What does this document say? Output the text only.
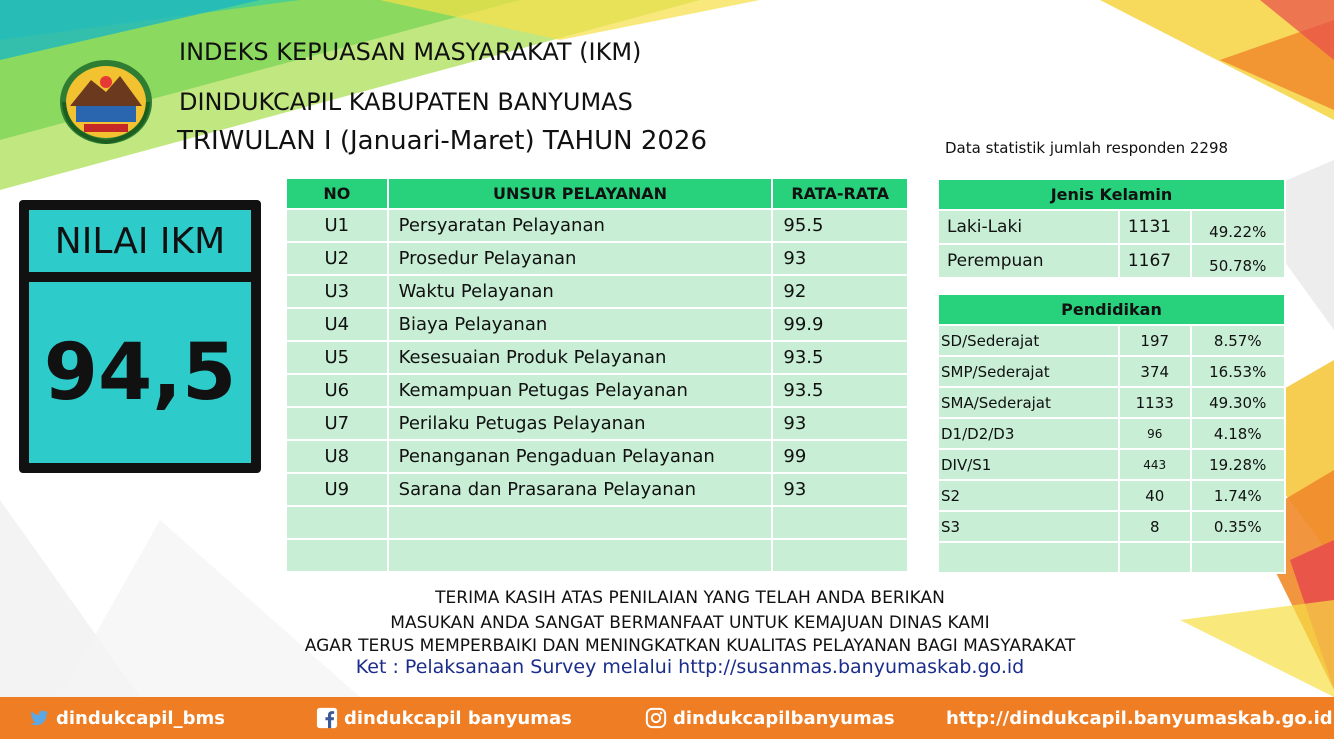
INDEKS KEPUASAN MASYARAKAT (IKM)
DINDUKCAPIL KABUPATEN BANYUMAS
TRIWULAN I (Januari-Maret) TAHUN 2026	Data statistik jumlah responden 2298
NILAI IKM
94,5
NO	UNSUR PELAYANAN	RATA-RATA
U1	Persyaratan Pelayanan	95.5
U2	Prosedur Pelayanan	93
U3	Waktu Pelayanan	92
U4	Biaya Pelayanan	99.9
U5	Kesesuaian Produk Pelayanan	93.5
U6	Kemampuan Petugas Pelayanan	93.5
U7	Perilaku Petugas Pelayanan	93
U8	Penanganan Pengaduan Pelayanan	99
U9	Sarana dan Prasarana Pelayanan	93

Jenis Kelamin		
Laki-Laki	1131	49.22%
Perempuan	1167	50.78%
Pendidikan		
SD/Sederajat	197	8.57%
SMP/Sederajat	374	16.53%
SMA/Sederajat	1133	49.30%
D1/D2/D3	96	4.18%
DIV/S1	443	19.28%
S2	40	1.74%
S3	8	0.35%

TERIMA KASIH ATAS PENILAIAN YANG TELAH ANDA BERIKAN
MASUKAN ANDA SANGAT BERMANFAAT UNTUK KEMAJUAN DINAS KAMI
AGAR TERUS MEMPERBAIKI DAN MENINGKATKAN KUALITAS PELAYANAN BAGI MASYARAKAT
Ket : Pelaksanaan Survey melalui http://susanmas.banyumaskab.go.id
dindukcapil_bms	dindukcapil banyumas	dindukcapilbanyumas	http://dindukcapil.banyumaskab.go.id
